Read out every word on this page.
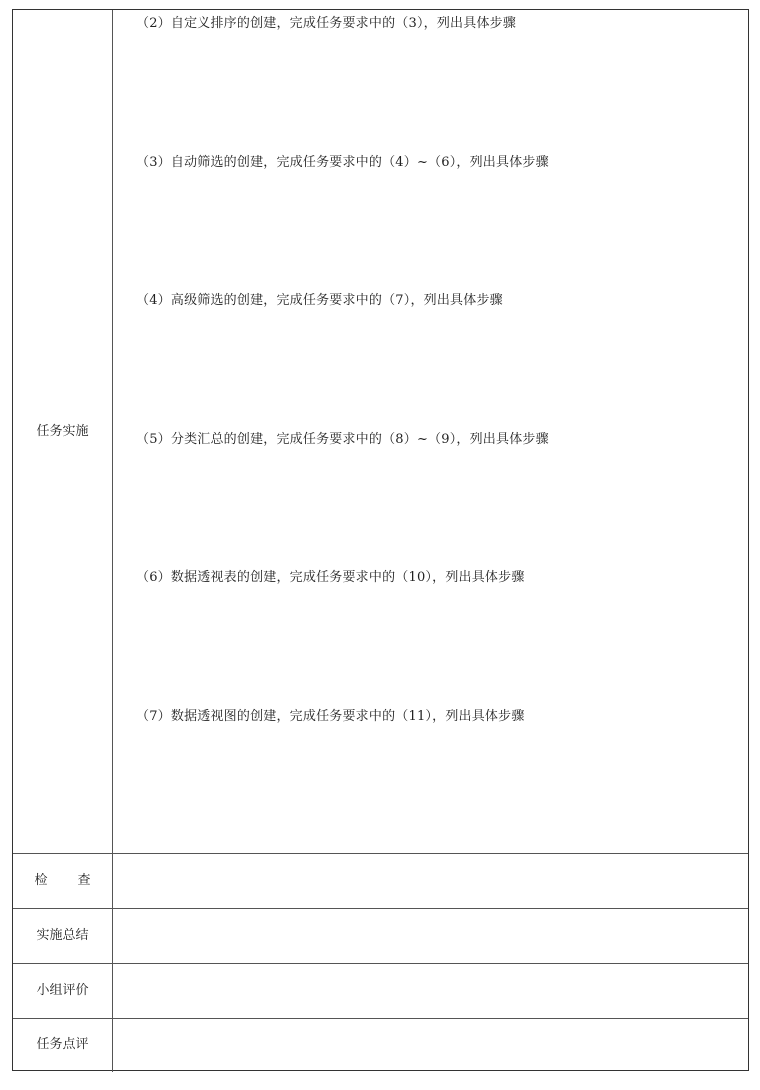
任务实施
（2）自定义排序的创建，完成任务要求中的（3），列出具体步骤
（3）自动筛选的创建，完成任务要求中的（4）~（6），列出具体步骤
（4）高级筛选的创建，完成任务要求中的（7），列出具体步骤
（5）分类汇总的创建，完成任务要求中的（8）~（9），列出具体步骤
（6）数据透视表的创建，完成任务要求中的（10），列出具体步骤
（7）数据透视图的创建，完成任务要求中的（11），列出具体步骤
检 查
实施总结
小组评价
任务点评
